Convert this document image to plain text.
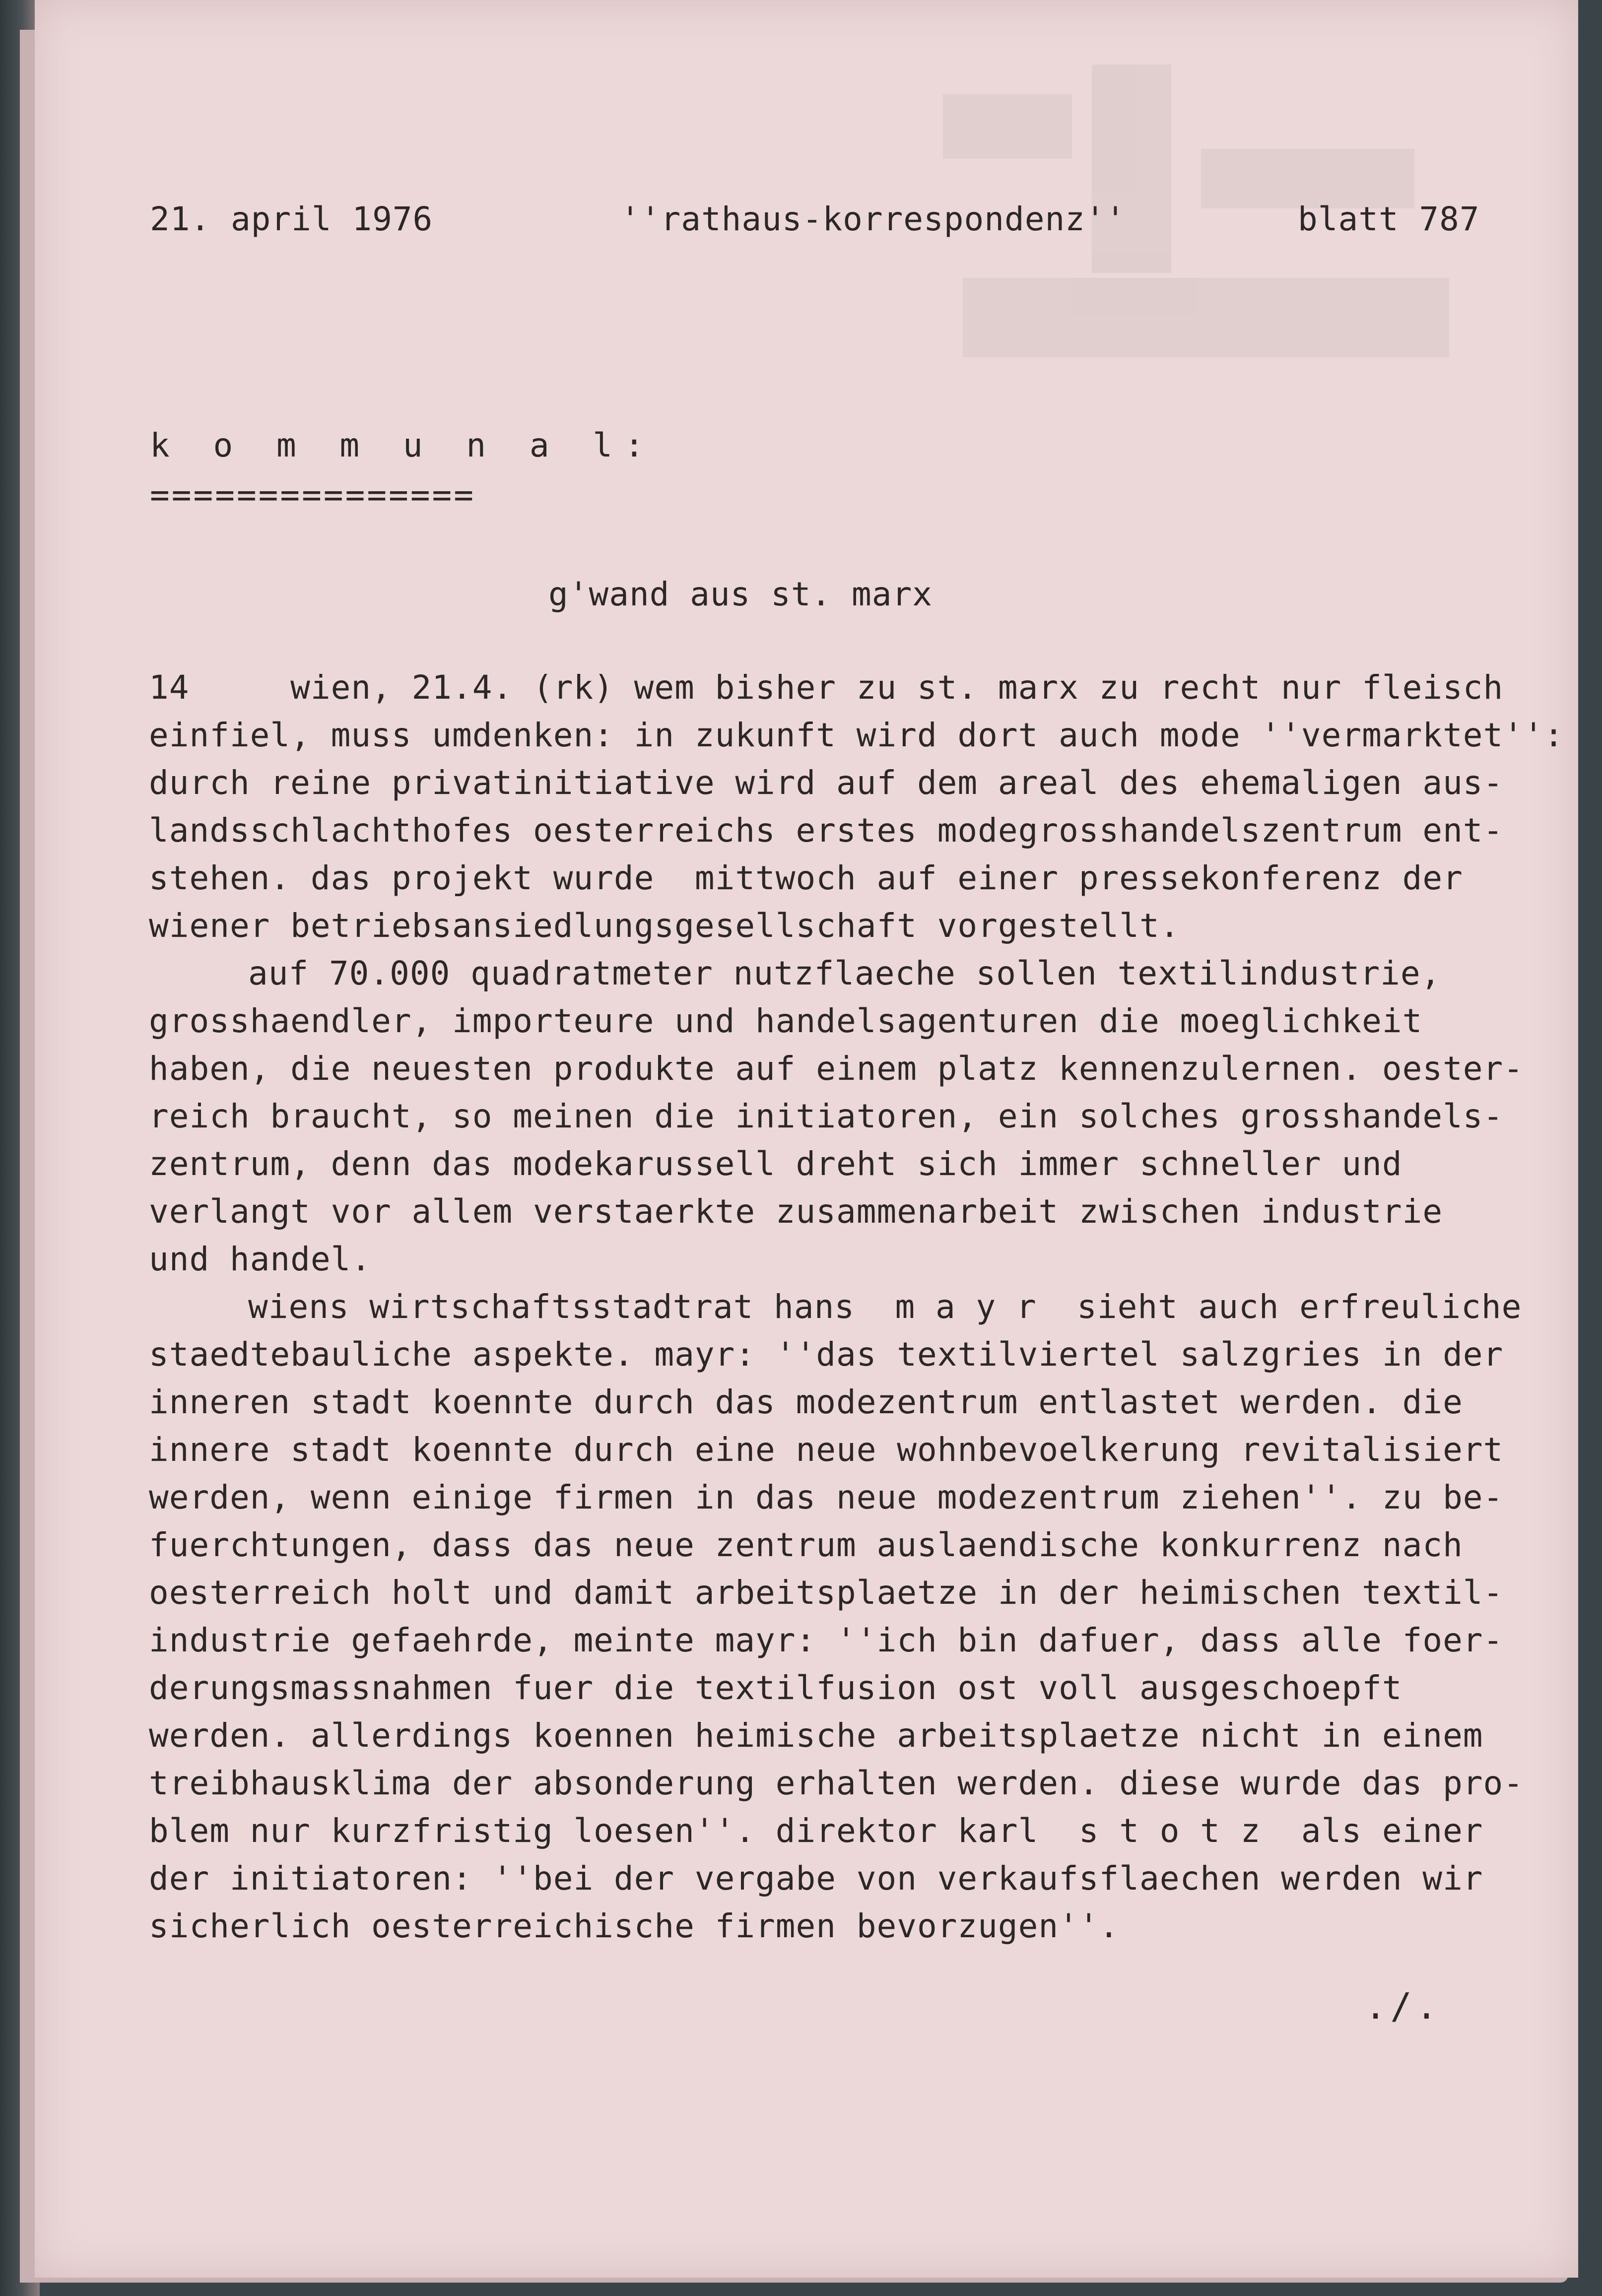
21. april 1976	''rathaus-korrespondenz''	blatt 787

k o m m u n a l:

===============

g'wand aus st. marx

14     wien, 21.4. (rk) wem bisher zu st. marx zu recht nur fleisch

einfiel, muss umdenken: in zukunft wird dort auch mode ''vermarktet'':

durch reine privatinitiative wird auf dem areal des ehemaligen aus-

landsschlachthofes oesterreichs erstes modegrosshandelszentrum ent-

stehen. das projekt wurde  mittwoch auf einer pressekonferenz der

wiener betriebsansiedlungsgesellschaft vorgestellt.

auf 70.000 quadratmeter nutzflaeche sollen textilindustrie,

grosshaendler, importeure und handelsagenturen die moeglichkeit

haben, die neuesten produkte auf einem platz kennenzulernen. oester-

reich braucht, so meinen die initiatoren, ein solches grosshandels-

zentrum, denn das modekarussell dreht sich immer schneller und

verlangt vor allem verstaerkte zusammenarbeit zwischen industrie

und handel.

wiens wirtschaftsstadtrat hans  m a y r  sieht auch erfreuliche

staedtebauliche aspekte. mayr: ''das textilviertel salzgries in der

inneren stadt koennte durch das modezentrum entlastet werden. die

innere stadt koennte durch eine neue wohnbevoelkerung revitalisiert

werden, wenn einige firmen in das neue modezentrum ziehen''. zu be-

fuerchtungen, dass das neue zentrum auslaendische konkurrenz nach

oesterreich holt und damit arbeitsplaetze in der heimischen textil-

industrie gefaehrde, meinte mayr: ''ich bin dafuer, dass alle foer-

derungsmassnahmen fuer die textilfusion ost voll ausgeschoepft

werden. allerdings koennen heimische arbeitsplaetze nicht in einem

treibhausklima der absonderung erhalten werden. diese wurde das pro-

blem nur kurzfristig loesen''. direktor karl  s t o t z  als einer

der initiatoren: ''bei der vergabe von verkaufsflaechen werden wir

sicherlich oesterreichische firmen bevorzugen''.

./.
